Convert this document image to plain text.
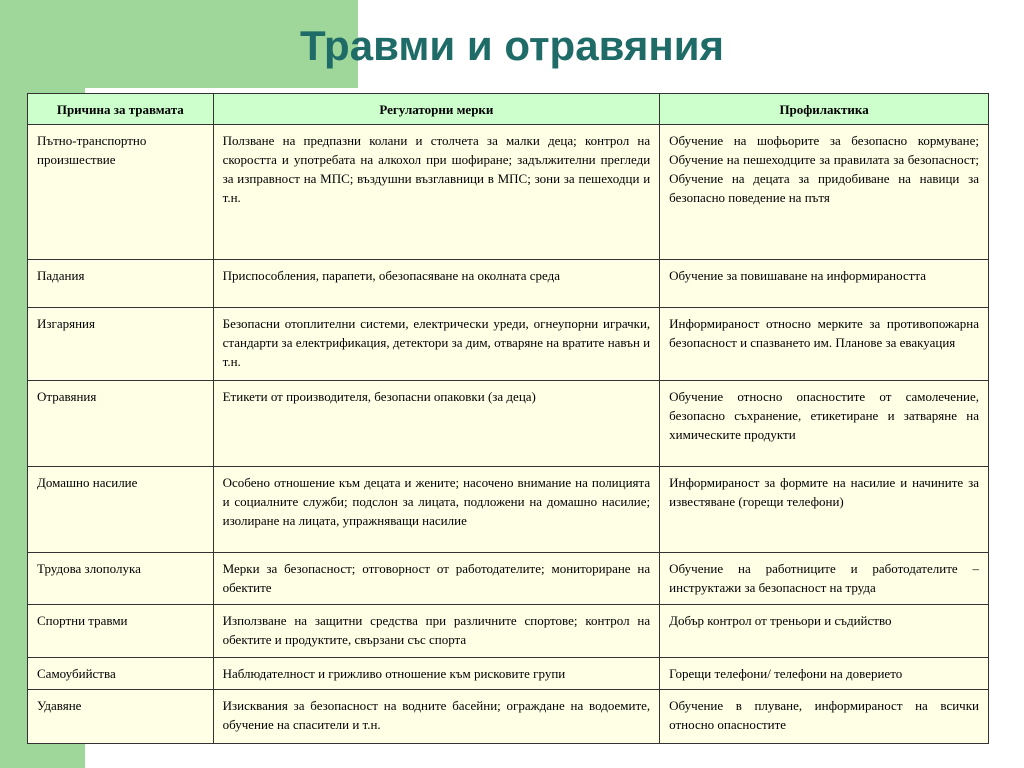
Травми и отравяния
Причина за травмата	Регулаторни мерки	Профилактика
Пътно-транспортно произшествие	Ползване на предпазни колани и столчета за малки деца; контрол на скоростта и употребата на алкохол при шофиране; задължителни прегледи за изправност на МПС; въздушни възглавници в МПС; зони за пешеходци и т.н.	Обучение на шофьорите за безопасно кормуване; Обучение на пешеходците за правилата за безопасност; Обучение на децата за придобиване на навици за безопасно поведение на пътя
Падания	Приспособления, парапети, обезопасяване на околната среда	Обучение за повишаване на информираността
Изгаряния	Безопасни отоплителни системи, електрически уреди, огнеупорни играчки, стандарти за електрификация, детектори за дим, отваряне на вратите навън и т.н.	Информираност относно мерките за противопожарна безопасност и спазването им. Планове за евакуация
Отравяния	Етикети от производителя, безопасни опаковки (за деца)	Обучение относно опасностите от самолечение, безопасно съхранение, етикетиране и затваряне на химическите продукти
Домашно насилие	Особено отношение към децата и жените; насочено внимание на полицията и социалните служби; подслон за лицата, подложени на домашно насилие; изолиране на лицата, упражняващи насилие	Информираност за формите на насилие и начините за известяване (горещи телефони)
Трудова злополука	Мерки за безопасност; отговорност от работодателите; мониториране на обектите	Обучение на работниците и работодателите – инструктажи за безопасност на труда
Спортни травми	Използване на защитни средства при различните спортове; контрол на обектите и продуктите, свързани със спорта	Добър контрол от треньори и съдийство
Самоубийства	Наблюдателност и грижливо отношение към рисковите групи	Горещи телефони/ телефони на доверието
Удавяне	Изисквания за безопасност на водните басейни; ограждане на водоемите, обучение на спасители и т.н.	Обучение в плуване, информираност на всички относно опасностите
